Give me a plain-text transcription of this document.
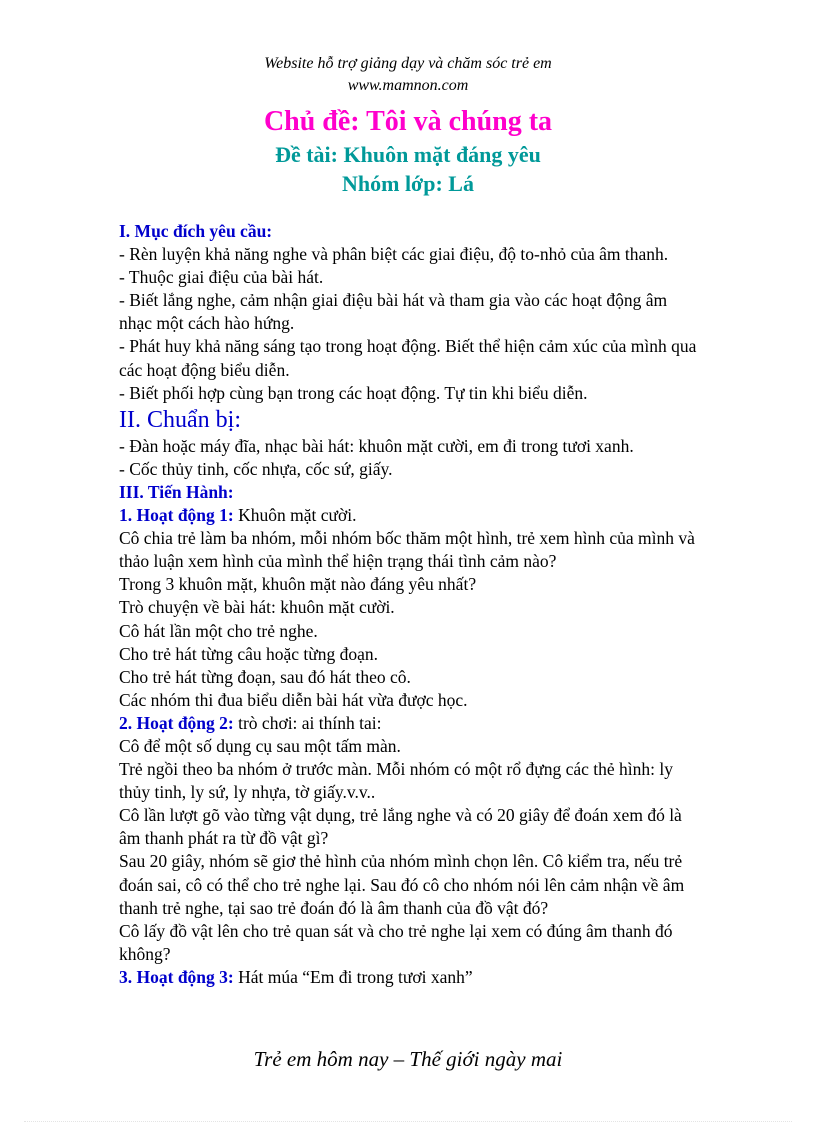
Website hỗ trợ giảng dạy và chăm sóc trẻ em
www.mamnon.com
Chủ đề: Tôi và chúng ta
Đề tài: Khuôn mặt đáng yêu
Nhóm lớp: Lá

I. Mục đích yêu cầu:

- Rèn luyện khả năng nghe và phân biệt các giai điệu, độ to-nhỏ của âm thanh.

- Thuộc giai điệu của bài hát.

- Biết lắng nghe, cảm nhận giai điệu bài hát và tham gia vào các hoạt động âm nhạc một cách hào hứng.

- Phát huy khả năng sáng tạo trong hoạt động. Biết thể hiện cảm xúc của mình qua các hoạt động biểu diễn.

- Biết phối hợp cùng bạn trong các hoạt động. Tự tin khi biểu diễn.

II. Chuẩn bị:

- Đàn hoặc máy đĩa, nhạc bài hát: khuôn mặt cười, em đi trong tươi xanh.

- Cốc thủy tinh, cốc nhựa, cốc sứ, giấy.

III. Tiến Hành:

1. Hoạt động 1: Khuôn mặt cười.

Cô chia trẻ làm ba nhóm, mỗi nhóm bốc thăm một hình, trẻ xem hình của mình và thảo luận xem hình của mình thể hiện trạng thái tình cảm nào?

Trong 3 khuôn mặt, khuôn mặt nào đáng yêu nhất?

Trò chuyện về bài hát: khuôn mặt cười.

Cô hát lần một cho trẻ nghe.

Cho trẻ hát từng câu hoặc từng đoạn.

Cho trẻ hát từng đoạn, sau đó hát theo cô.

Các nhóm thi đua biểu diễn bài hát vừa được học.

2. Hoạt động 2: trò chơi: ai thính tai:

Cô để một số dụng cụ sau một tấm màn.

Trẻ ngồi theo ba nhóm ở trước màn. Mỗi nhóm có một rổ đựng các thẻ hình: ly thủy tinh, ly sứ, ly nhựa, tờ giấy.v.v..

Cô lần lượt gõ vào từng vật dụng, trẻ lắng nghe và có 20 giây để đoán xem đó là âm thanh phát ra từ đồ vật gì?

Sau 20 giây, nhóm sẽ giơ thẻ hình của nhóm mình chọn lên. Cô kiểm tra, nếu trẻ đoán sai, cô có thể cho trẻ nghe lại. Sau đó cô cho nhóm nói lên cảm nhận về âm thanh trẻ nghe, tại sao trẻ đoán đó là âm thanh của đồ vật đó?

Cô lấy đồ vật lên cho trẻ quan sát và cho trẻ nghe lại xem có đúng âm thanh đó không?

3. Hoạt động 3: Hát múa “Em đi trong tươi xanh”

Trẻ em hôm nay – Thế giới ngày mai
